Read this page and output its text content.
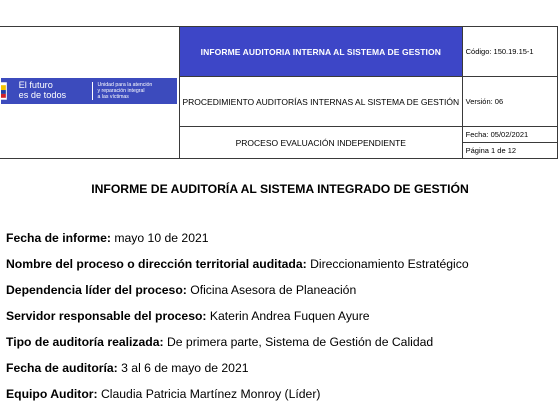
El futuro
es de todos
Unidad para la atención
y reparación integral
a las víctimas	INFORME AUDITORIA INTERNA AL SISTEMA DE GESTION	Código: 150.19.15-1
	PROCEDIMIENTO AUDITORÍAS INTERNAS AL SISTEMA DE GESTIÓN	Versión: 06
	PROCESO EVALUACIÓN INDEPENDIENTE	Fecha: 05/02/2021
		Página 1 de 12
INFORME DE AUDITORÍA AL SISTEMA INTEGRADO DE GESTIÓN
Fecha de informe: mayo 10 de 2021
Nombre del proceso o dirección territorial auditada: Direccionamiento Estratégico
Dependencia líder del proceso: Oficina Asesora de Planeación
Servidor responsable del proceso: Katerin Andrea Fuquen Ayure
Tipo de auditoría realizada: De primera parte, Sistema de Gestión de Calidad
Fecha de auditoría: 3 al 6 de mayo de 2021
Equipo Auditor: Claudia Patricia Martínez Monroy (Líder)
